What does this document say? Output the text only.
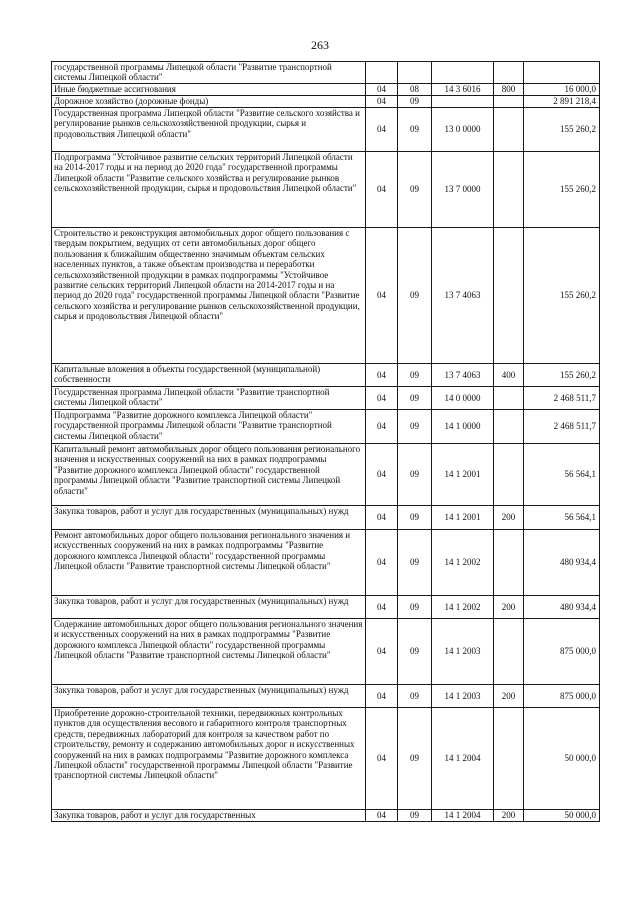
263
государственной программы Липецкой области "Развитие транспортной системы Липецкой области"					
Иные бюджетные ассигнования	04	08	14 3 6016	800	16 000,0
Дорожное хозяйство (дорожные фонды)	04	09			2 891 218,4
Государственная программа Липецкой области "Развитие сельского хозяйства и регулирование рынков сельскохозяйственной продукции, сырья и продовольствия Липецкой области"	04	09	13 0 0000		155 260,2
Подпрограмма "Устойчивое развитие сельских территорий Липецкой области на 2014-2017 годы и на период до 2020 года" государственной программы Липецкой области "Развитие сельского хозяйства и регулирование рынков сельскохозяйственной продукции, сырья и продовольствия Липецкой области"	04	09	13 7 0000		155 260,2
Строительство и реконструкция автомобильных дорог общего пользования с твердым покрытием, ведущих от сети автомобильных дорог общего пользования к ближайшим общественно значимым объектам сельских населенных пунктов, а также объектам производства и переработки сельскохозяйственной продукции в рамках подпрограммы "Устойчивое развитие сельских территорий Липецкой области на 2014-2017 годы и на период до 2020 года" государственной программы Липецкой области "Развитие сельского хозяйства и регулирование рынков сельскохозяйственной продукции, сырья и продовольствия Липецкой области"	04	09	13 7 4063		155 260,2
Капитальные вложения в объекты государственной (муниципальной) собственности	04	09	13 7 4063	400	155 260,2
Государственная программа Липецкой области "Развитие транспортной системы Липецкой области"	04	09	14 0 0000		2 468 511,7
Подпрограмма "Развитие дорожного комплекса Липецкой области" государственной программы Липецкой области "Развитие транспортной системы Липецкой области"	04	09	14 1 0000		2 468 511,7
Капитальный ремонт автомобильных дорог общего пользования регионального значения и искусственных сооружений на них в рамках подпрограммы "Развитие дорожного комплекса Липецкой области" государственной программы Липецкой области "Развитие транспортной системы Липецкой области"	04	09	14 1 2001		56 564,1
Закупка товаров, работ и услуг для государственных (муниципальных) нужд	04	09	14 1 2001	200	56 564,1
Ремонт автомобильных дорог общего пользования регионального значения и искусственных сооружений на них в рамках подпрограммы "Развитие дорожного комплекса Липецкой области" государственной программы Липецкой области "Развитие транспортной системы Липецкой области"	04	09	14 1 2002		480 934,4
Закупка товаров, работ и услуг для государственных (муниципальных) нужд	04	09	14 1 2002	200	480 934,4
Содержание автомобильных дорог общего пользования регионального значения и искусственных сооружений на них в рамках подпрограммы "Развитие дорожного комплекса Липецкой области" государственной программы Липецкой области "Развитие транспортной системы Липецкой области"	04	09	14 1 2003		875 000,0
Закупка товаров, работ и услуг для государственных (муниципальных) нужд	04	09	14 1 2003	200	875 000,0
Приобретение дорожно-строительной техники, передвижных контрольных пунктов для осуществления весового и габаритного контроля транспортных средств, передвижных лабораторий для контроля за качеством работ по строительству, ремонту и содержанию автомобильных дорог и искусственных сооружений на них в рамках подпрограммы "Развитие дорожного комплекса Липецкой области" государственной программы Липецкой области "Развитие транспортной системы Липецкой области"	04	09	14 1 2004		50 000,0
Закупка товаров, работ и услуг для государственных	04	09	14 1 2004	200	50 000,0
